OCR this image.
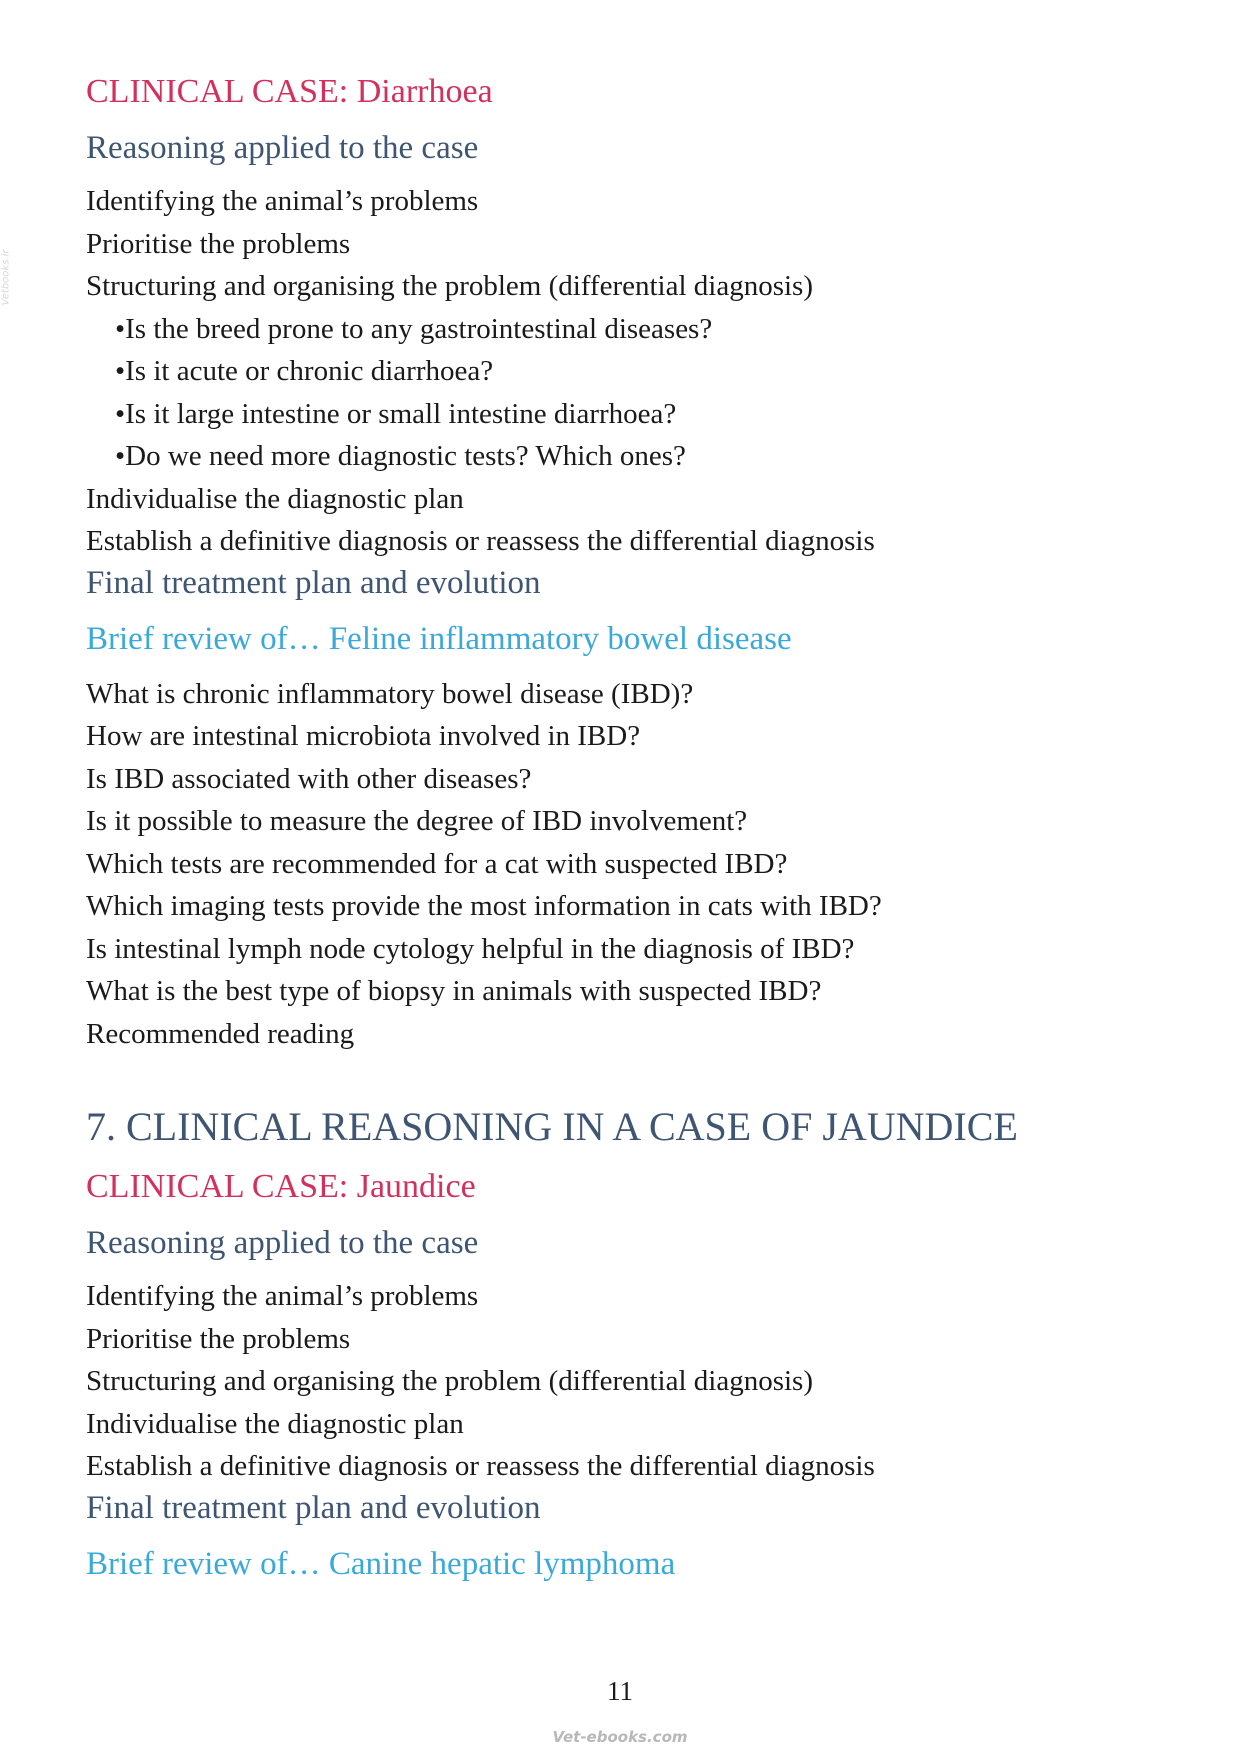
Vetbooks.ir

CLINICAL CASE: Diarrhoea

Reasoning applied to the case

Identifying the animal’s problems

Prioritise the problems

Structuring and organising the problem (differential diagnosis)

•Is the breed prone to any gastrointestinal diseases?

•Is it acute or chronic diarrhoea?

•Is it large intestine or small intestine diarrhoea?

•Do we need more diagnostic tests? Which ones?

Individualise the diagnostic plan

Establish a definitive diagnosis or reassess the differential diagnosis

Final treatment plan and evolution

Brief review of… Feline inflammatory bowel disease

What is chronic inflammatory bowel disease (IBD)?

How are intestinal microbiota involved in IBD?

Is IBD associated with other diseases?

Is it possible to measure the degree of IBD involvement?

Which tests are recommended for a cat with suspected IBD?

Which imaging tests provide the most information in cats with IBD?

Is intestinal lymph node cytology helpful in the diagnosis of IBD?

What is the best type of biopsy in animals with suspected IBD?

Recommended reading

7. CLINICAL REASONING IN A CASE OF JAUNDICE

CLINICAL CASE: Jaundice

Reasoning applied to the case

Identifying the animal’s problems

Prioritise the problems

Structuring and organising the problem (differential diagnosis)

Individualise the diagnostic plan

Establish a definitive diagnosis or reassess the differential diagnosis

Final treatment plan and evolution

Brief review of… Canine hepatic lymphoma

11
Vet-ebooks.com
